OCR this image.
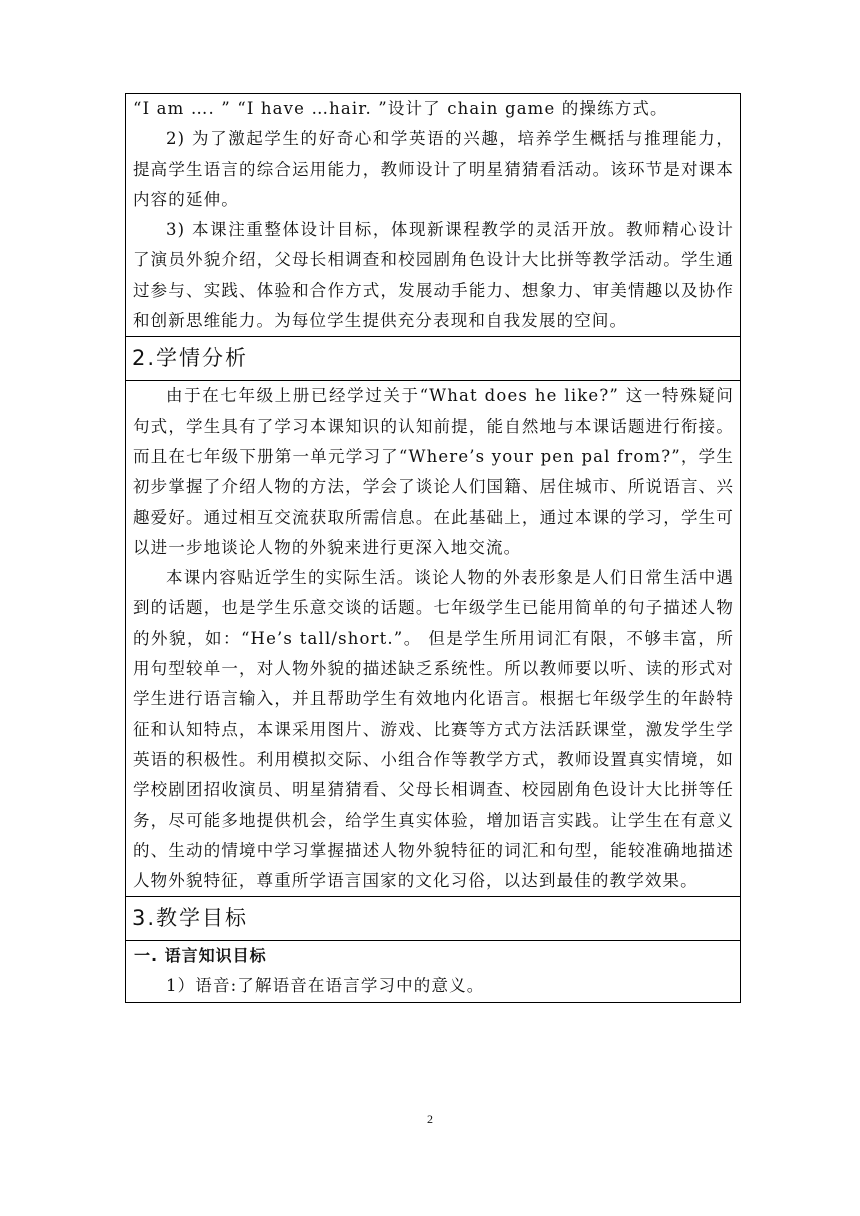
“I am …. ” “I have …hair. ”设计了 chain game 的操练方式。

2) 为了激起学生的好奇心和学英语的兴趣，培养学生概括与推理能力，提高学生语言的综合运用能力，教师设计了明星猜猜看活动。该环节是对课本内容的延伸。

3) 本课注重整体设计目标，体现新课程教学的灵活开放。教师精心设计了演员外貌介绍，父母长相调查和校园剧角色设计大比拼等教学活动。学生通过参与、实践、体验和合作方式，发展动手能力、想象力、审美情趣以及协作和创新思维能力。为每位学生提供充分表现和自我发展的空间。

2.学情分析

由于在七年级上册已经学过关于“What does he like?” 这一特殊疑问句式，学生具有了学习本课知识的认知前提，能自然地与本课话题进行衔接。而且在七年级下册第一单元学习了“Where’s your pen pal from?”，学生初步掌握了介绍人物的方法，学会了谈论人们国籍、居住城市、所说语言、兴趣爱好。通过相互交流获取所需信息。在此基础上，通过本课的学习，学生可以进一步地谈论人物的外貌来进行更深入地交流。

本课内容贴近学生的实际生活。谈论人物的外表形象是人们日常生活中遇到的话题，也是学生乐意交谈的话题。七年级学生已能用简单的句子描述人物的外貌，如：“He’s tall/short.”。 但是学生所用词汇有限，不够丰富，所用句型较单一，对人物外貌的描述缺乏系统性。所以教师要以听、读的形式对学生进行语言输入，并且帮助学生有效地内化语言。根据七年级学生的年龄特征和认知特点，本课采用图片、游戏、比赛等方式方法活跃课堂，激发学生学英语的积极性。利用模拟交际、小组合作等教学方式，教师设置真实情境，如学校剧团招收演员、明星猜猜看、父母长相调查、校园剧角色设计大比拼等任务，尽可能多地提供机会，给学生真实体验，增加语言实践。让学生在有意义的、生动的情境中学习掌握描述人物外貌特征的词汇和句型，能较准确地描述人物外貌特征，尊重所学语言国家的文化习俗，以达到最佳的教学效果。

3.教学目标
一. 语言知识目标

1）语音:了解语音在语言学习中的意义。

2
